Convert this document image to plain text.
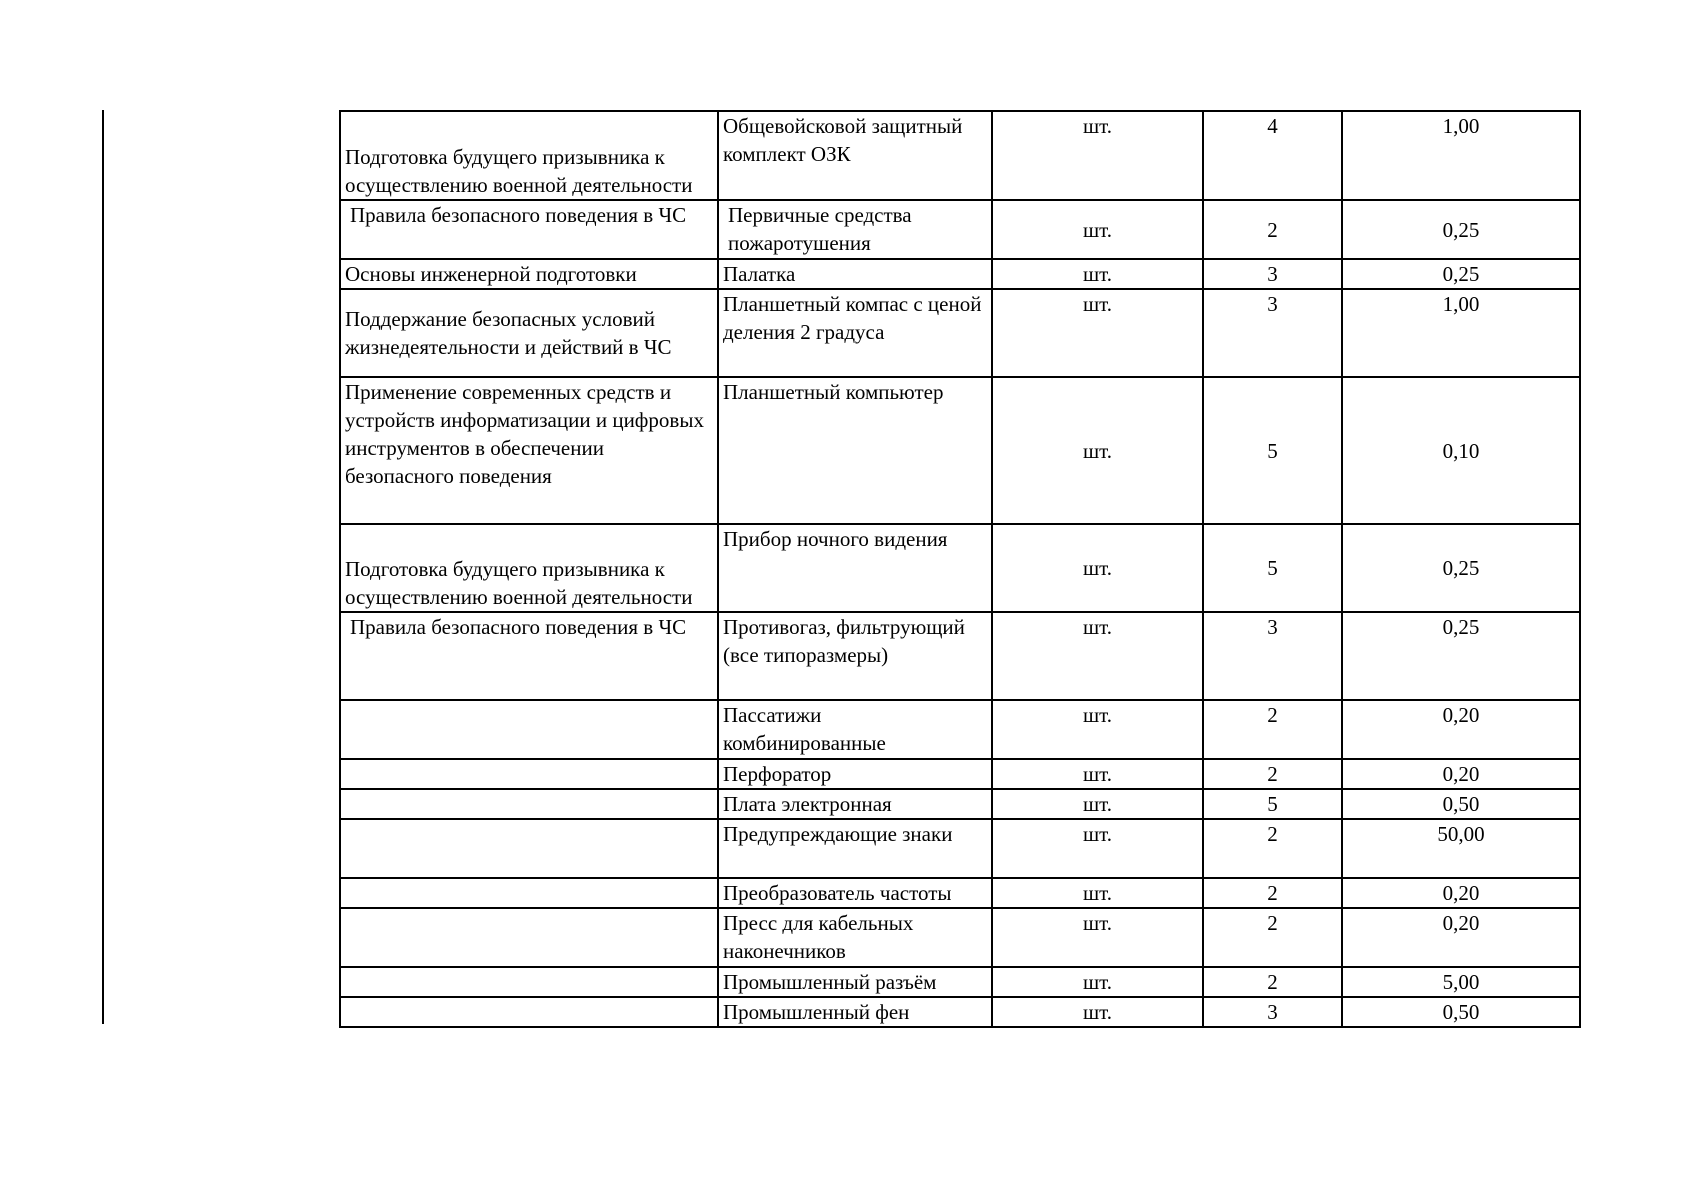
Подготовка будущего призывника к осуществлению военной деятельности	Общевойсковой защитный комплект ОЗК	шт.	4	1,00
Правила безопасного поведения в ЧС	Первичные средства пожаротушения	шт.	2	0,25
Основы инженерной подготовки	Палатка	шт.	3	0,25
Поддержание безопасных условий жизнедеятельности и действий в ЧС	Планшетный компас с ценой деления 2 градуса	шт.	3	1,00
Применение современных средств и устройств информатизации и цифровых инструментов в обеспечении безопасного поведения	Планшетный компьютер	шт.	5	0,10
Подготовка будущего призывника к осуществлению военной деятельности	Прибор ночного видения	шт.	5	0,25
Правила безопасного поведения в ЧС	Противогаз, фильтрующий (все типоразмеры)	шт.	3	0,25
	Пассатижи комбинированные	шт.	2	0,20
	Перфоратор	шт.	2	0,20
	Плата электронная	шт.	5	0,50
	Предупреждающие знаки	шт.	2	50,00
	Преобразователь частоты	шт.	2	0,20
	Пресс для кабельных наконечников	шт.	2	0,20
	Промышленный разъём	шт.	2	5,00
	Промышленный фен	шт.	3	0,50
